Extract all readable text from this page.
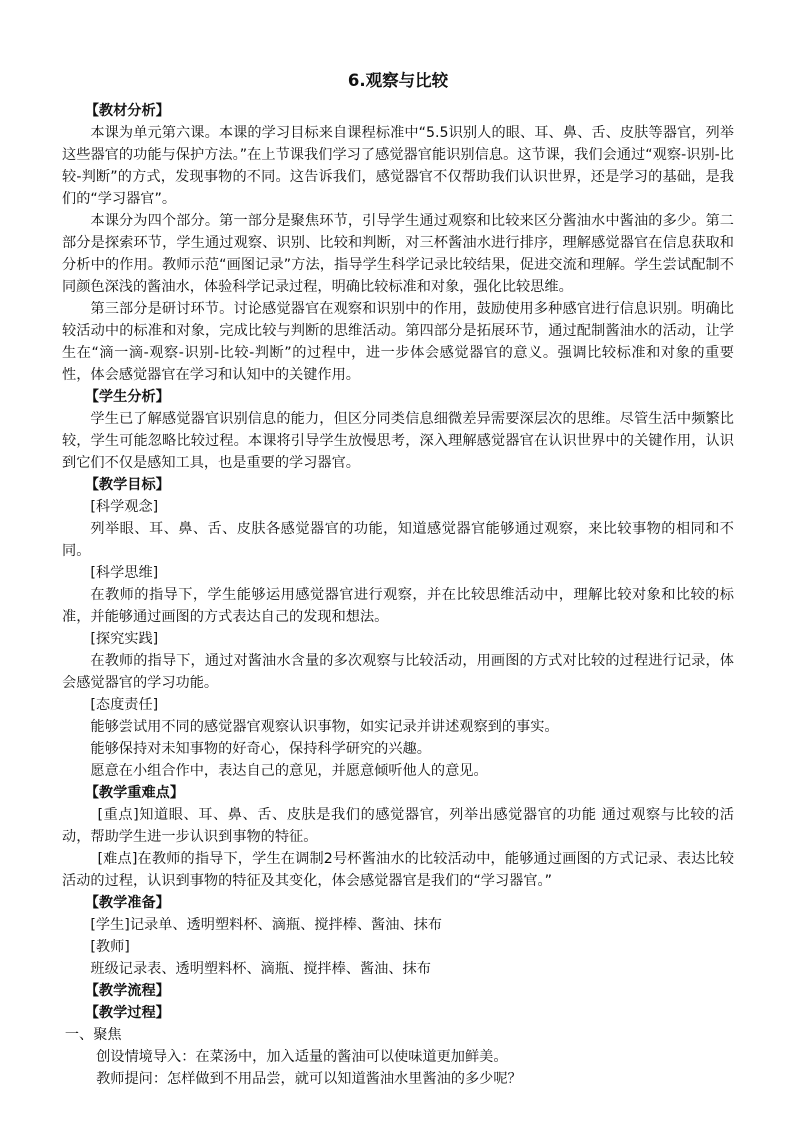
6.观察与比较
【教材分析】

本课为单元第六课。本课的学习目标来自课程标准中“5.5识别人的眼、耳、鼻、舌、皮肤等器官，列举这些器官的功能与保护方法。”在上节课我们学习了感觉器官能识别信息。这节课，我们会通过“观察-识别-比较-判断”的方式，发现事物的不同。这告诉我们，感觉器官不仅帮助我们认识世界，还是学习的基础，是我们的“学习器官”。

本课分为四个部分。第一部分是聚焦环节，引导学生通过观察和比较来区分酱油水中酱油的多少。第二部分是探索环节，学生通过观察、识别、比较和判断，对三杯酱油水进行排序，理解感觉器官在信息获取和分析中的作用。教师示范“画图记录”方法，指导学生科学记录比较结果，促进交流和理解。学生尝试配制不同颜色深浅的酱油水，体验科学记录过程，明确比较标准和对象，强化比较思维。

第三部分是研讨环节。讨论感觉器官在观察和识别中的作用，鼓励使用多种感官进行信息识别。明确比较活动中的标准和对象，完成比较与判断的思维活动。第四部分是拓展环节，通过配制酱油水的活动，让学生在“滴一滴-观察-识别-比较-判断”的过程中，进一步体会感觉器官的意义。强调比较标准和对象的重要性，体会感觉器官在学习和认知中的关键作用。

【学生分析】

学生已了解感觉器官识别信息的能力，但区分同类信息细微差异需要深层次的思维。尽管生活中频繁比较，学生可能忽略比较过程。本课将引导学生放慢思考，深入理解感觉器官在认识世界中的关键作用，认识到它们不仅是感知工具，也是重要的学习器官。

【教学目标】
[科学观念]

列举眼、耳、鼻、舌、皮肤各感觉器官的功能，知道感觉器官能够通过观察，来比较事物的相同和不同。

[科学思维]

在教师的指导下，学生能够运用感觉器官进行观察，并在比较思维活动中，理解比较对象和比较的标准，并能够通过画图的方式表达自己的发现和想法。

[探究实践]

在教师的指导下，通过对酱油水含量的多次观察与比较活动，用画图的方式对比较的过程进行记录，体会感觉器官的学习功能。

[态度责任]

能够尝试用不同的感觉器官观察认识事物，如实记录并讲述观察到的事实。

能够保持对未知事物的好奇心，保持科学研究的兴趣。

愿意在小组合作中，表达自己的意见，并愿意倾听他人的意见。

【教学重难点】

[重点]知道眼、耳、鼻、舌、皮肤是我们的感觉器官，列举出感觉器官的功能 通过观察与比较的活动，帮助学生进一步认识到事物的特征。

[难点]在教师的指导下，学生在调制2号杯酱油水的比较活动中，能够通过画图的方式记录、表达比较活动的过程，认识到事物的特征及其变化，体会感觉器官是我们的“学习器官。”

【教学准备】
[学生]记录单、透明塑料杯、滴瓶、搅拌棒、酱油、抹布
[教师]
班级记录表、透明塑料杯、滴瓶、搅拌棒、酱油、抹布
【教学流程】
【教学过程】
一、聚焦
创设情境导入：在菜汤中，加入适量的酱油可以使味道更加鲜美。
教师提问：怎样做到不用品尝，就可以知道酱油水里酱油的多少呢？
